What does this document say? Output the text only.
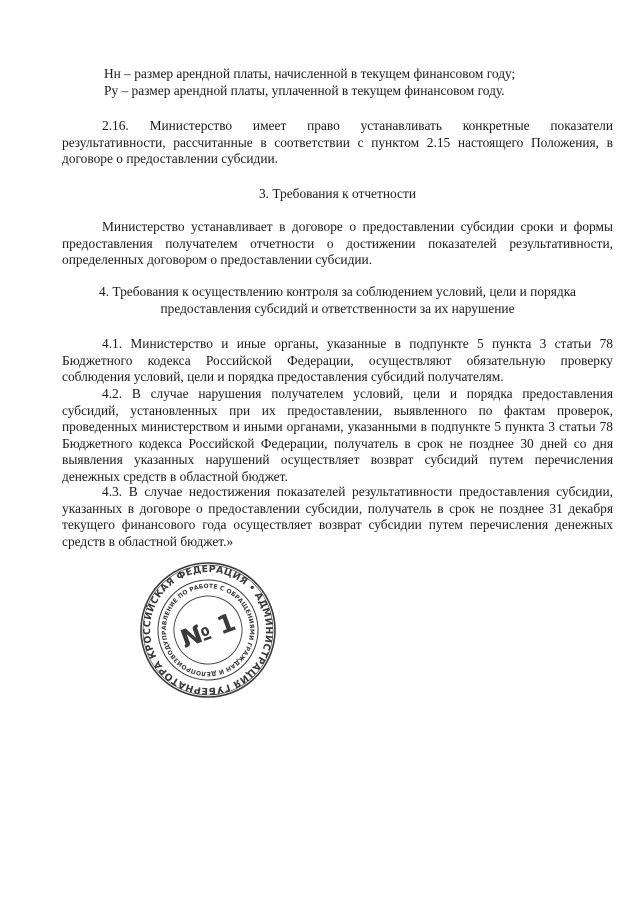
Нн – размер арендной платы, начисленной в текущем финансовом году;

Ру – размер арендной платы, уплаченной в текущем финансовом году.

2.16. Министерство имеет право устанавливать конкретные показатели результативности, рассчитанные в соответствии с пунктом 2.15 настоящего Положения, в договоре о предоставлении субсидии.

3. Требования к отчетности

Министерство устанавливает в договоре о предоставлении субсидии сроки и формы предоставления получателем отчетности о достижении показателей результативности, определенных договором о предоставлении субсидии.

4. Требования к осуществлению контроля за соблюдением условий, цели и порядка

предоставления субсидий и ответственности за их нарушение

4.1. Министерство и иные органы, указанные в подпункте 5 пункта 3 статьи 78 Бюджетного кодекса Российской Федерации, осуществляют обязательную проверку соблюдения условий, цели и порядка предоставления субсидий получателям.

4.2. В случае нарушения получателем условий, цели и порядка предоставления субсидий, установленных при их предоставлении, выявленного по фактам проверок, проведенных министерством и иными органами, указанными в подпункте 5 пункта 3 статьи 78 Бюджетного кодекса Российской Федерации, получатель в срок не позднее 30 дней со дня выявления указанных нарушений осуществляет возврат субсидий путем перечисления денежных средств в областной бюджет.

4.3. В случае недостижения показателей результативности предоставления субсидии, указанных в договоре о предоставлении субсидии, получатель в срок не позднее 31 декабря текущего финансового года осуществляет возврат субсидии путем перечисления денежных средств в областной бюджет.»

РОССИЙСКАЯ ФЕДЕРАЦИЯ • АДМИНИСТРАЦИЯ ГУБЕРНАТОРА КАЛУЖСКОЙ
УПРАВЛЕНИЕ ПО РАБОТЕ С ОБРАЩЕНИЯМИ ГРАЖДАН И ДЕЛОПРОИЗВОДСТВУ
№ 1
